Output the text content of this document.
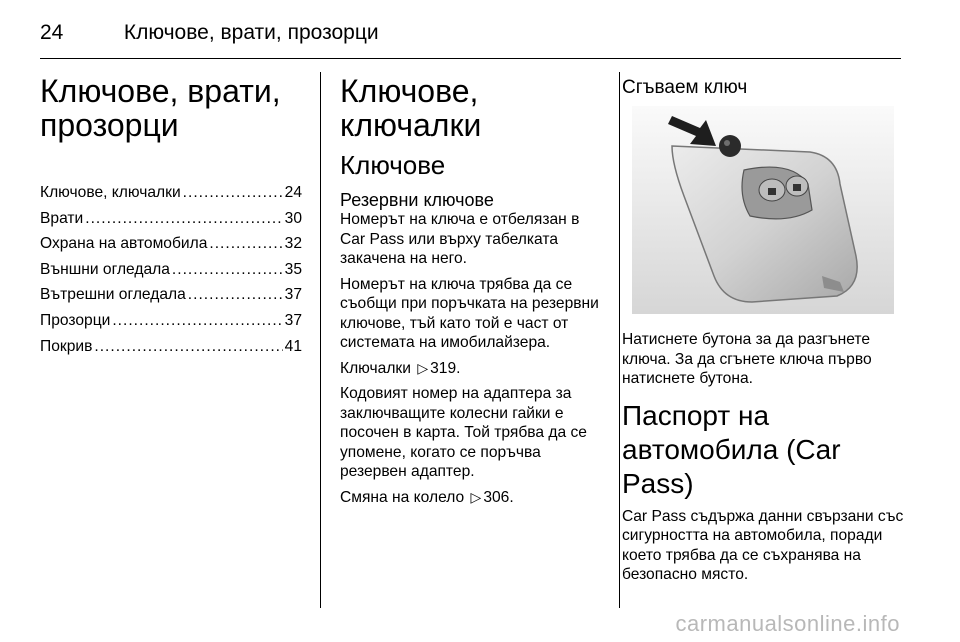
24	Ключове, врати, прозорци
Ключове, врати, прозорци
Ключове, ключалки .....	24
Врати .....	30
Охрана на автомобила .....	32
Външни огледала .....	35
Вътрешни огледала .....	37
Прозорци .....	37
Покрив .....	41
Ключове, ключалки
Ключове
Резервни ключове

Номерът на ключа е отбелязан в Car Pass или върху табелката закачена на него.

Номерът на ключа трябва да се съобщи при поръчката на резервни ключове, тъй като той е част от системата на имобилайзера.

Ключалки ▷ 319.

Кодовият номер на адаптера за заключващите колесни гайки е посочен в карта. Той трябва да се упомене, когато се поръчва резервен адаптер.

Смяна на колело ▷ 306.

Сгъваем ключ

Натиснете бутона за да разгънете ключа. За да сгънете ключа първо натиснете бутона.

Паспорт на автомобила (Car Pass)

Car Pass съдържа данни свързани със сигурността на автомобила, поради което трябва да се съхранява на безопасно място.

carmanualsonline.info
